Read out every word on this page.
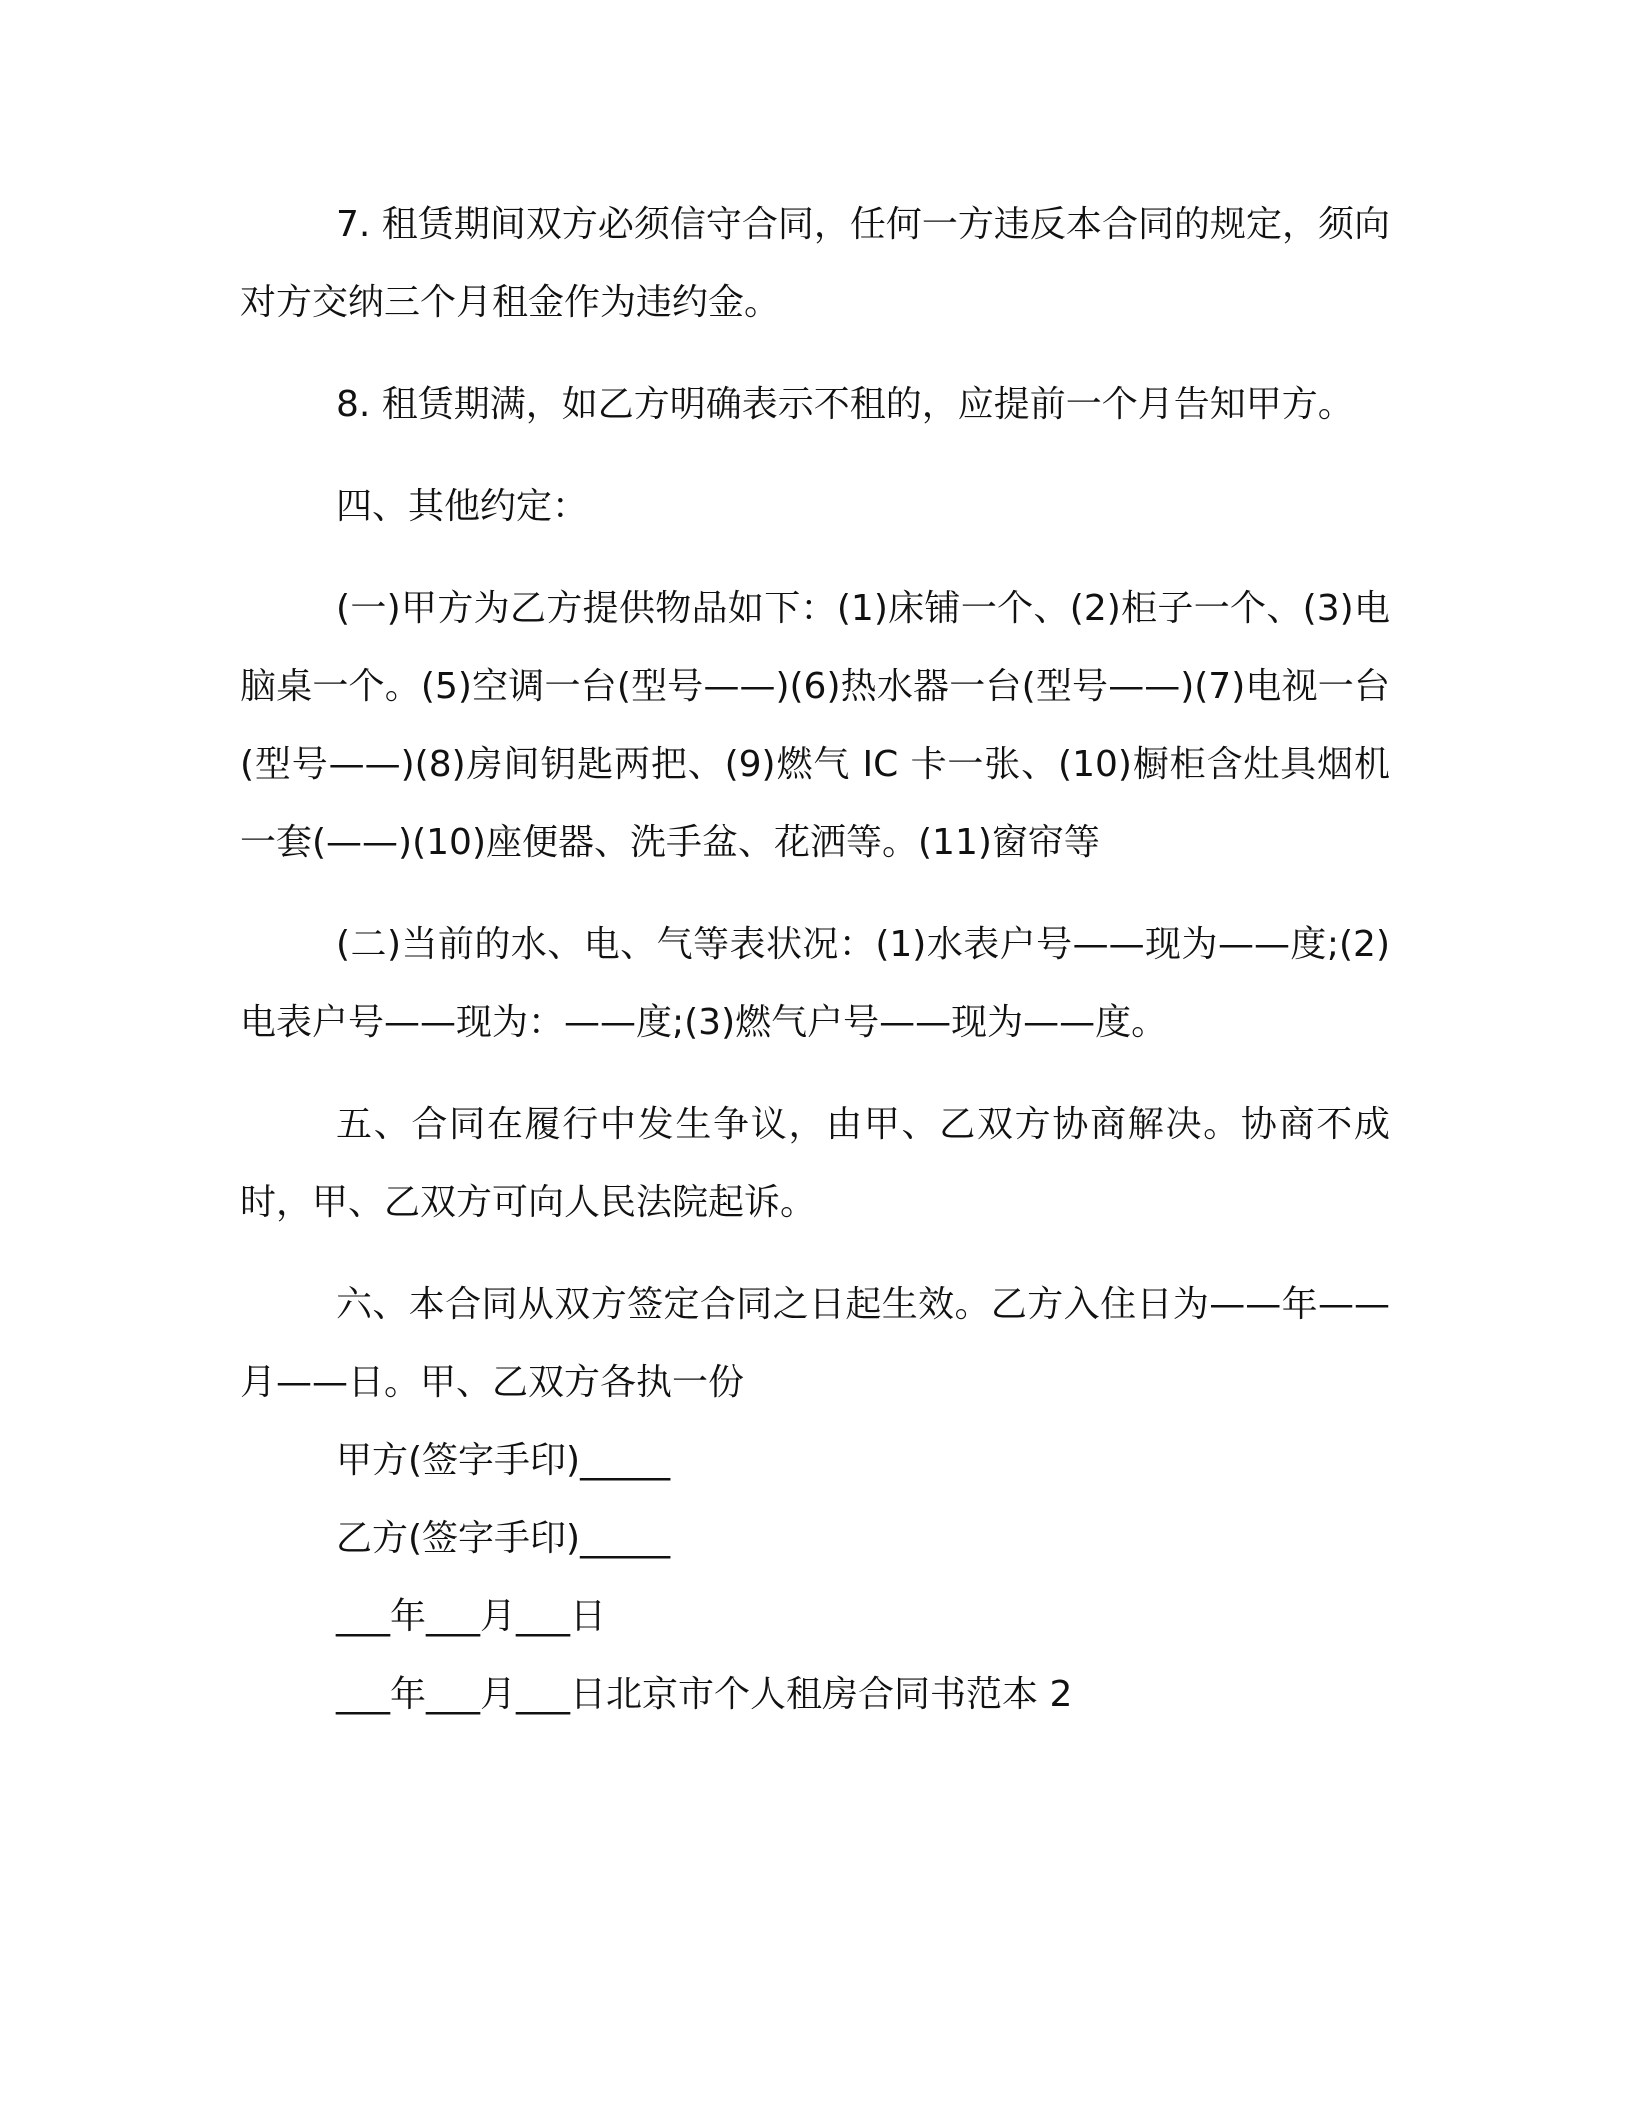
7. 租赁期间双方必须信守合同，任何一方违反本合同的规定，须向对方交纳三个月租金作为违约金。

8. 租赁期满，如乙方明确表示不租的，应提前一个月告知甲方。

四、其他约定：

(一)甲方为乙方提供物品如下：(1)床铺一个、(2)柜子一个、(3)电脑桌一个。(5)空调一台(型号——)(6)热水器一台(型号——)(7)电视一台(型号——)(8)房间钥匙两把、(9)燃气 IC 卡一张、(10)橱柜含灶具烟机一套(——)(10)座便器、洗手盆、花洒等。(11)窗帘等

(二)当前的水、电、气等表状况：(1)水表户号——现为——度;(2)电表户号——现为：——度;(3)燃气户号——现为——度。

五、合同在履行中发生争议，由甲、乙双方协商解决。协商不成时，甲、乙双方可向人民法院起诉。

六、本合同从双方签定合同之日起生效。乙方入住日为——年——月——日。甲、乙双方各执一份

甲方(签字手印)_____

乙方(签字手印)_____

___年___月___日

___年___月___日北京市个人租房合同书范本 2
